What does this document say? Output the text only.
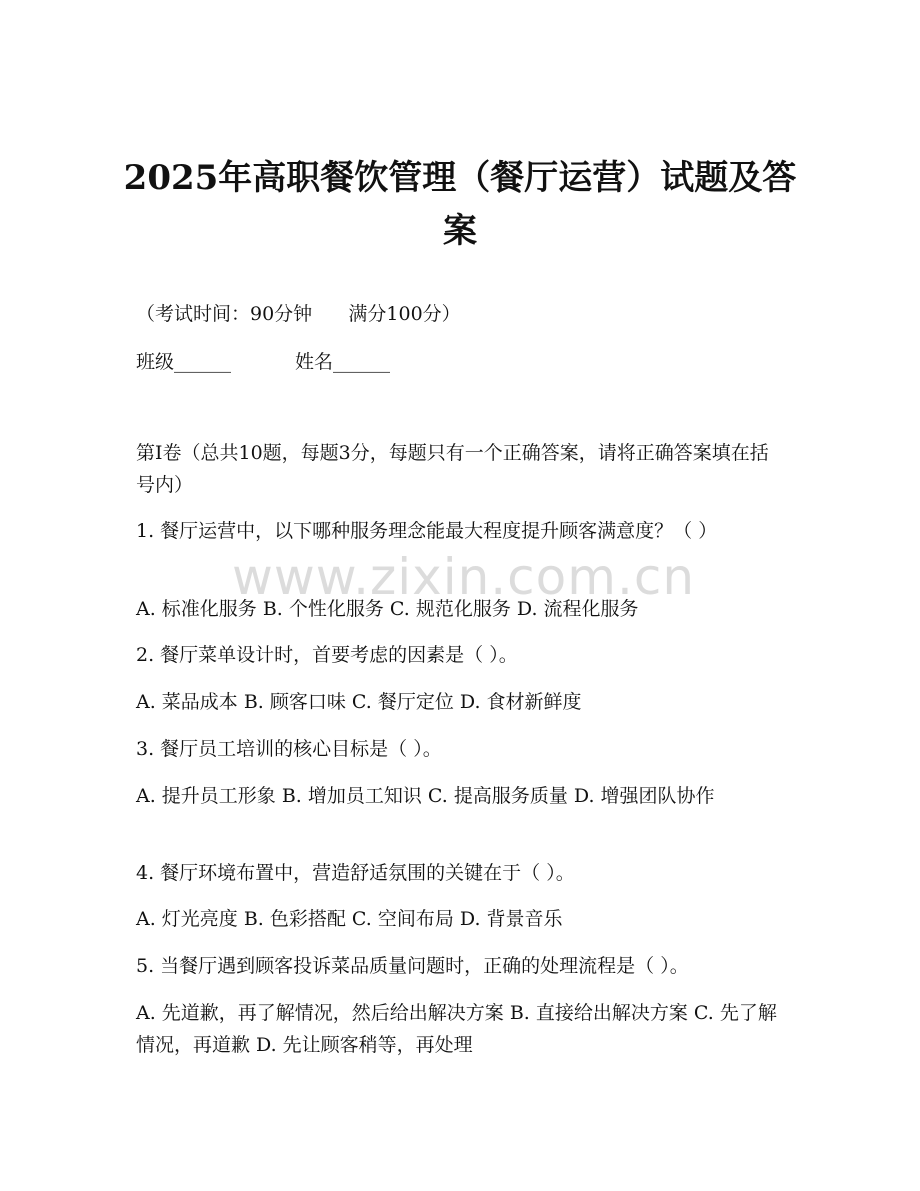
2025年高职餐饮管理（餐厅运营）试题及答案
（考试时间：90分钟      满分100分）
班级______	姓名______
第I卷（总共10题，每题3分，每题只有一个正确答案，请将正确答案填在括号内）
1. 餐厅运营中，以下哪种服务理念能最大程度提升顾客满意度？（ ）
A. 标准化服务 B. 个性化服务 C. 规范化服务 D. 流程化服务
2. 餐厅菜单设计时，首要考虑的因素是（ ）。
A. 菜品成本 B. 顾客口味 C. 餐厅定位 D. 食材新鲜度
3. 餐厅员工培训的核心目标是（ ）。
A. 提升员工形象 B. 增加员工知识 C. 提高服务质量 D. 增强团队协作
4. 餐厅环境布置中，营造舒适氛围的关键在于（ ）。
A. 灯光亮度 B. 色彩搭配 C. 空间布局 D. 背景音乐
5. 当餐厅遇到顾客投诉菜品质量问题时，正确的处理流程是（ ）。
A. 先道歉，再了解情况，然后给出解决方案 B. 直接给出解决方案 C. 先了解情况，再道歉 D. 先让顾客稍等，再处理
www.zixin.com.cn
